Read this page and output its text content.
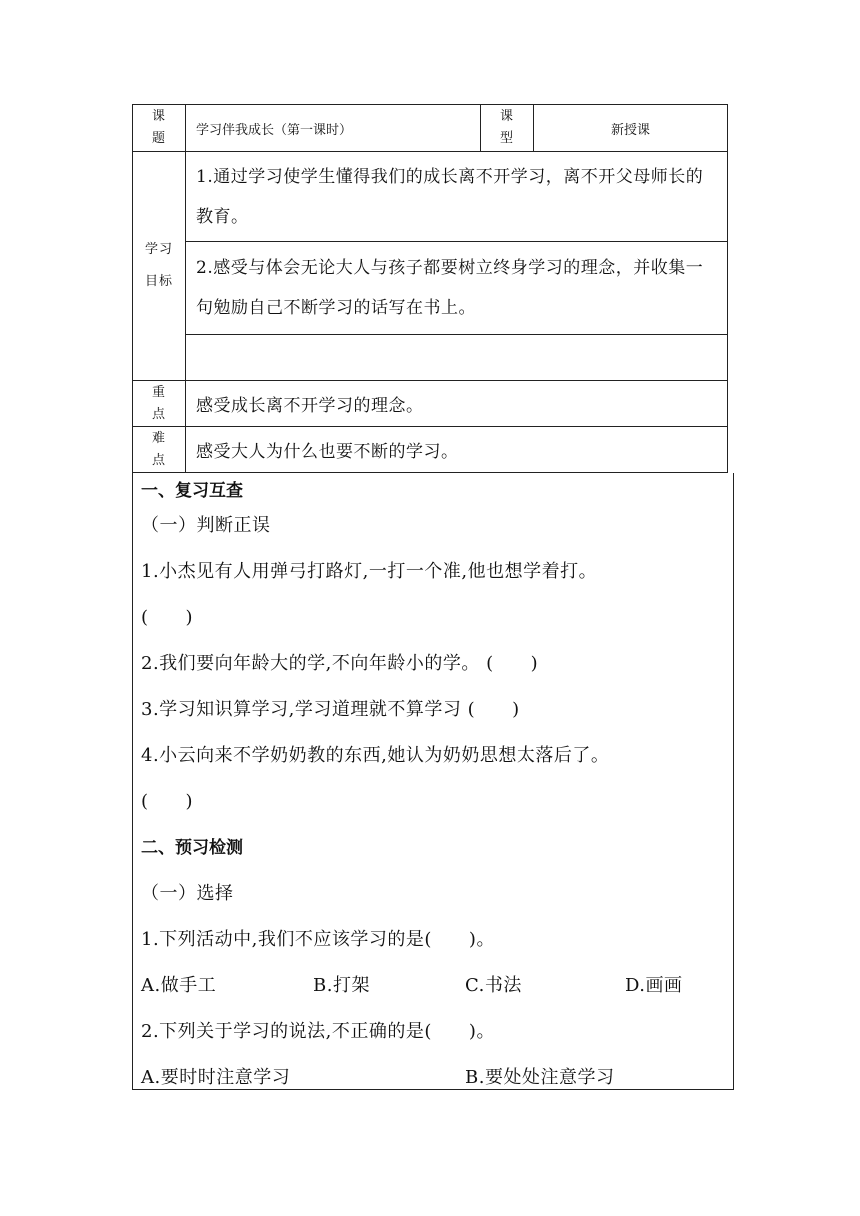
课题	学习伴我成长（第一课时）	课型	新授课

学习目标	1.通过学习使学生懂得我们的成长离不开学习，离不开父母师长的教育。		
	2.感受与体会无论大人与孩子都要树立终身学习的理念，并收集一句勉励自己不断学习的话写在书上。		

重点	感受成长离不开学习的理念。		

难点	感受大人为什么也要不断的学习。		
一、复习互查
（一）判断正误
1.小杰见有人用弹弓打路灯,一打一个准,他也想学着打。
(　　)
2.我们要向年龄大的学,不向年龄小的学。 (　　)
3.学习知识算学习,学习道理就不算学习 (　　)
4.小云向来不学奶奶教的东西,她认为奶奶思想太落后了。
(　　)
二、预习检测
（一）选择
1.下列活动中,我们不应该学习的是(　　)。
A.做手工	B.打架	C.书法	D.画画
2.下列关于学习的说法,不正确的是(　　)。
A.要时时注意学习	B.要处处注意学习
